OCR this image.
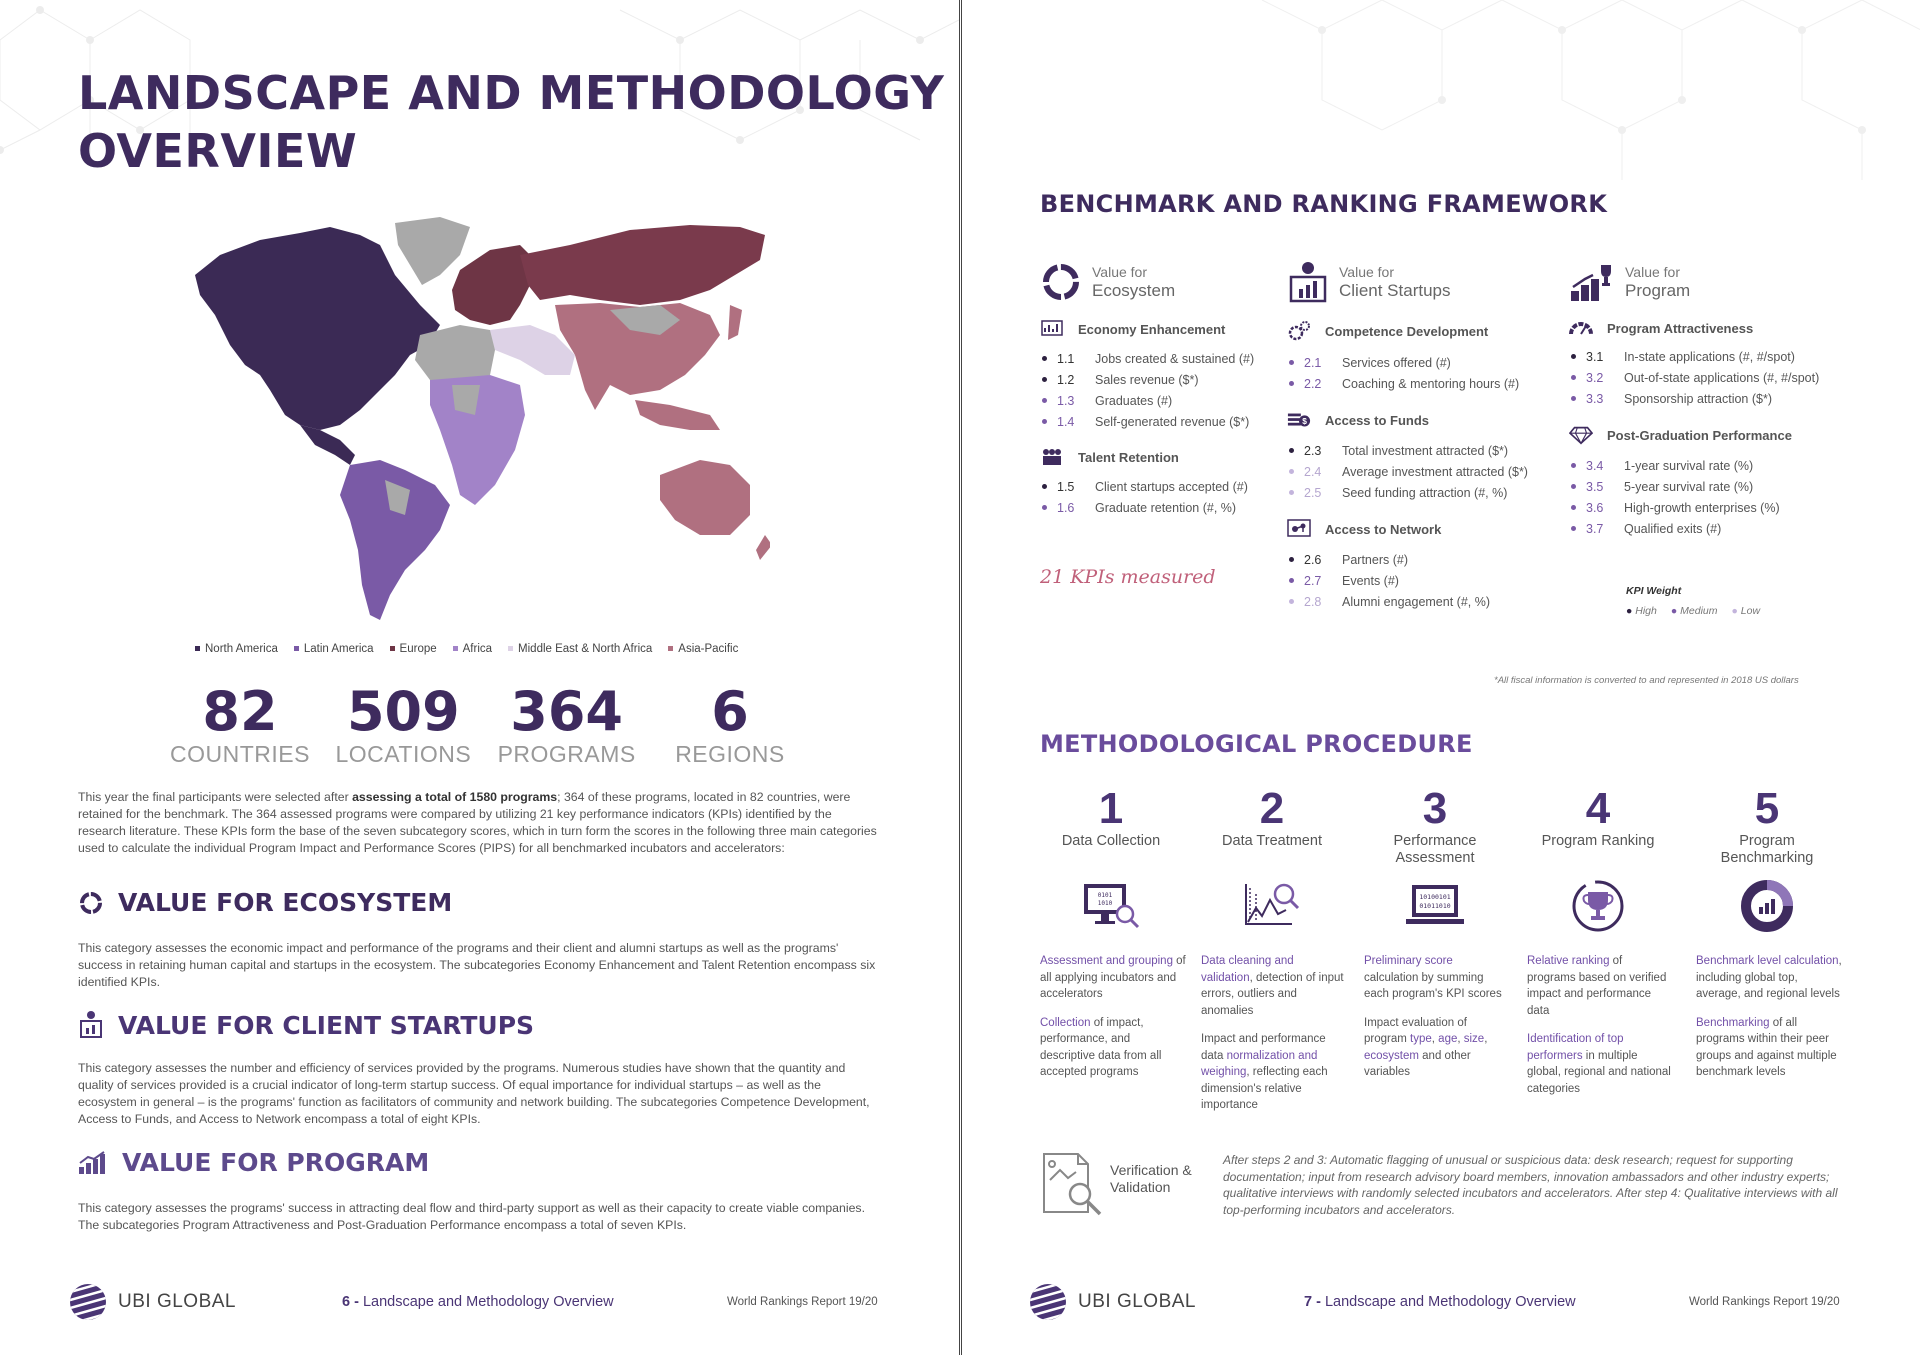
LANDSCAPE AND METHODOLOGY
OVERVIEW
North America	Latin America	Europe	Africa	Middle East & North Africa	Asia-Pacific
82
COUNTRIES
509
LOCATIONS
364
PROGRAMS
6
REGIONS
This year the final participants were selected after assessing a total of 1580 programs; 364 of these programs, located in 82 countries, were retained for the benchmark. The 364 assessed programs were compared by utilizing 21 key performance indicators (KPIs) identified by the research literature. These KPIs form the base of the seven subcategory scores, which in turn form the scores in the following three main categories used to calculate the individual Program Impact and Performance Scores (PIPS) for all benchmarked incubators and accelerators:
VALUE FOR ECOSYSTEM
This category assesses the economic impact and performance of the programs and their client and alumni startups as well as the programs' success in retaining human capital and startups in the ecosystem. The subcategories Economy Enhancement and Talent Retention encompass six identified KPIs.
VALUE FOR CLIENT STARTUPS
This category assesses the number and efficiency of services provided by the programs. Numerous studies have shown that the quantity and quality of services provided is a crucial indicator of long-term startup success. Of equal importance for individual startups – as well as the ecosystem in general – is the programs' function as facilitators of community and network building. The subcategories Competence Development, Access to Funds, and Access to Network encompass a total of eight KPIs.
VALUE FOR PROGRAM
This category assesses the programs' success in attracting deal flow and third-party support as well as their capacity to create viable companies. The subcategories Program Attractiveness and Post-Graduation Performance encompass a total of seven KPIs.
UBI GLOBAL	6 - Landscape and Methodology Overview	World Rankings Report 19/20
BENCHMARK AND RANKING FRAMEWORK
Value for
Ecosystem
Economy Enhancement
1.1	Jobs created & sustained (#)
1.2	Sales revenue ($*)
1.3	Graduates (#)
1.4	Self-generated revenue ($*)
Talent Retention
1.5	Client startups accepted (#)
1.6	Graduate retention (#, %)
21 KPIs measured
Value for
Client Startups
Competence Development
2.1	Services offered (#)
2.2	Coaching & mentoring hours (#)
$ Access to Funds
2.3	Total investment attracted ($*)
2.4	Average investment attracted ($*)
2.5	Seed funding attraction (#, %)
Access to Network
2.6	Partners (#)
2.7	Events (#)
2.8	Alumni engagement (#, %)
Value for
Program
Program Attractiveness
3.1	In-state applications (#, #/spot)
3.2	Out-of-state applications (#, #/spot)
3.3	Sponsorship attraction ($*)
Post-Graduation Performance
3.4	1-year survival rate (%)
3.5	5-year survival rate (%)
3.6	High-growth enterprises (%)
3.7	Qualified exits (#)
KPI Weight
● High ● Medium ● Low
*All fiscal information is converted to and represented in 2018 US dollars
METHODOLOGICAL PROCEDURE
1
Data Collection
0101
1010
Assessment and grouping of all applying incubators and accelerators
Collection of impact, performance, and descriptive data from all accepted programs
2
Data Treatment
Data cleaning and validation, detection of input errors, outliers and anomalies
Impact and performance data normalization and weighing, reflecting each dimension's relative importance
3
Performance Assessment
10100101
01011010
Preliminary score calculation by summing each program's KPI scores
Impact evaluation of program type, age, size, ecosystem and other variables
4
Program Ranking
Relative ranking of programs based on verified impact and performance data
Identification of top performers in multiple global, regional and national categories
5
Program Benchmarking
Benchmark level calculation, including global top, average, and regional levels
Benchmarking of all programs within their peer groups and against multiple benchmark levels
Verification & Validation
After steps 2 and 3: Automatic flagging of unusual or suspicious data: desk research; request for supporting documentation; input from research advisory board members, innovation ambassadors and other industry experts; qualitative interviews with randomly selected incubators and accelerators. After step 4: Qualitative interviews with all top-performing incubators and accelerators.
UBI GLOBAL	7 - Landscape and Methodology Overview	World Rankings Report 19/20
